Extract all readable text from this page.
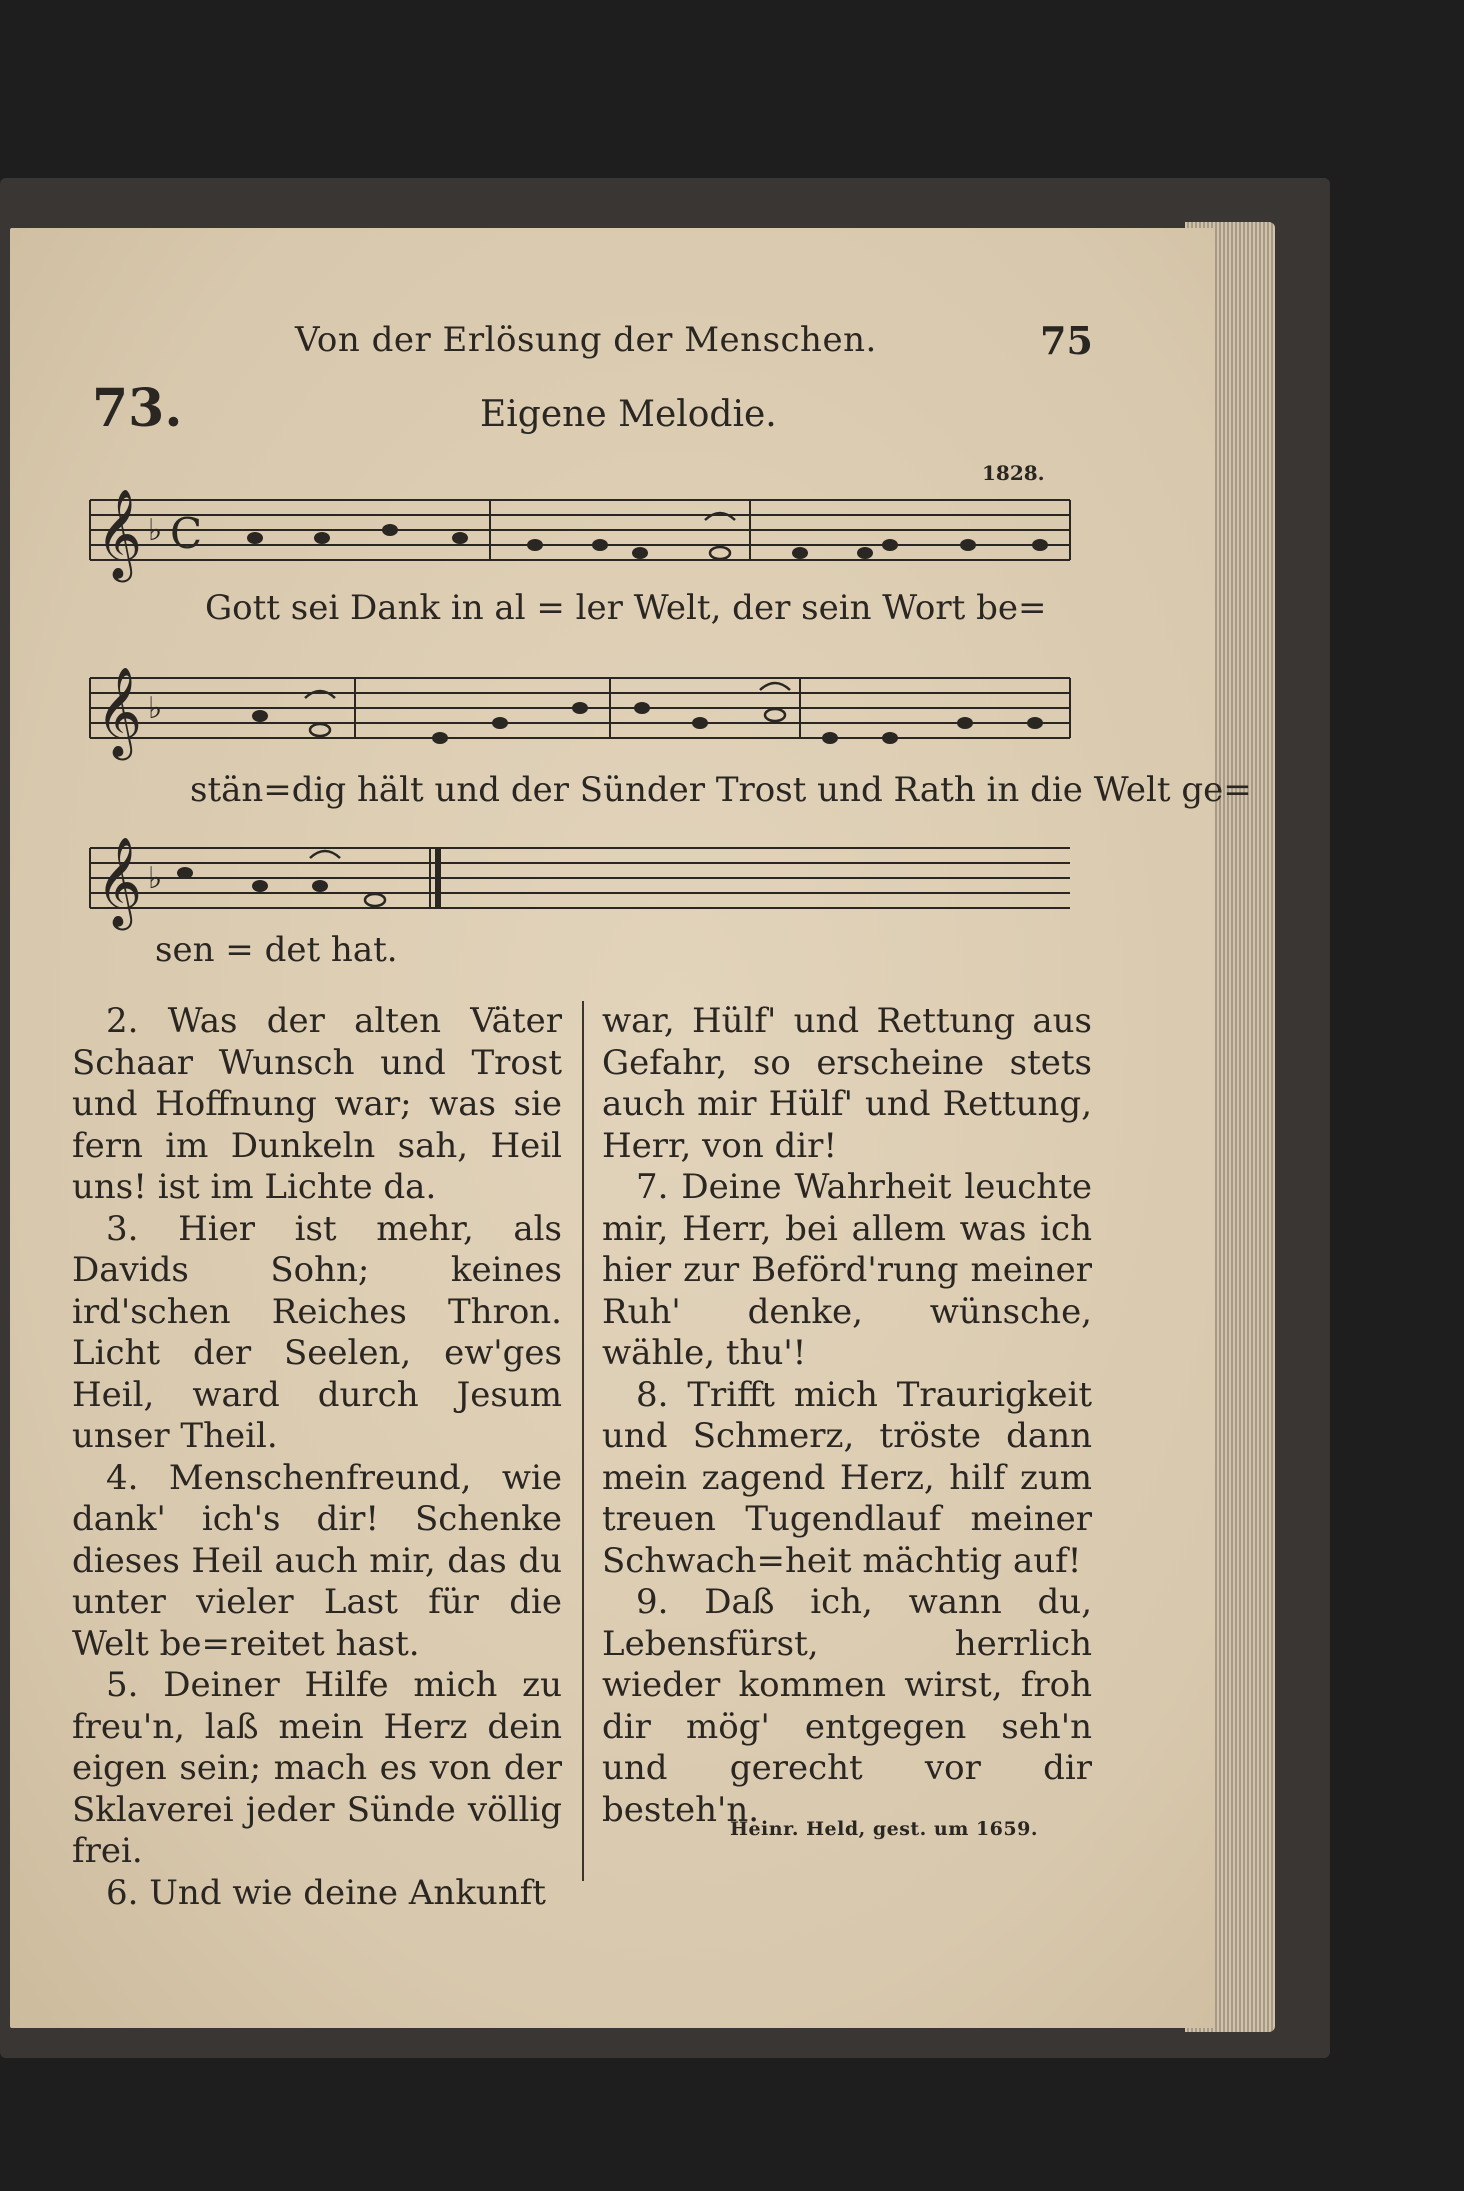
Von der Erlösung der Menschen.	75
73.	Eigene Melodie.
1828.
𝄞 ♭ C
Gott sei Dank in al = ler Welt, der sein Wort be=
𝄞 ♭
stän=dig hält und der Sünder Trost und Rath in die Welt ge=
𝄞 ♭
sen = det hat.

2. Was der alten Väter Schaar Wunsch und Trost und Hoffnung war; was sie fern im Dunkeln sah, Heil uns! ist im Lichte da.

3. Hier ist mehr, als Davids Sohn; keines ird'schen Reiches Thron. Licht der Seelen, ew'ges Heil, ward durch Jesum unser Theil.

4. Menschenfreund, wie dank' ich's dir! Schenke dieses Heil auch mir, das du unter vieler Last für die Welt be=reitet hast.

5. Deiner Hilfe mich zu freu'n, laß mein Herz dein eigen sein; mach es von der Sklaverei jeder Sünde völlig frei.

6. Und wie deine Ankunft

war, Hülf' und Rettung aus Gefahr, so erscheine stets auch mir Hülf' und Rettung, Herr, von dir!

7. Deine Wahrheit leuchte mir, Herr, bei allem was ich hier zur Beförd'rung meiner Ruh' denke, wünsche, wähle, thu'!

8. Trifft mich Traurigkeit und Schmerz, tröste dann mein zagend Herz, hilf zum treuen Tugendlauf meiner Schwach=heit mächtig auf!

9. Daß ich, wann du, Lebensfürst, herrlich wieder kommen wirst, froh dir mög' entgegen seh'n und gerecht vor dir besteh'n.

Heinr. Held, gest. um 1659.
